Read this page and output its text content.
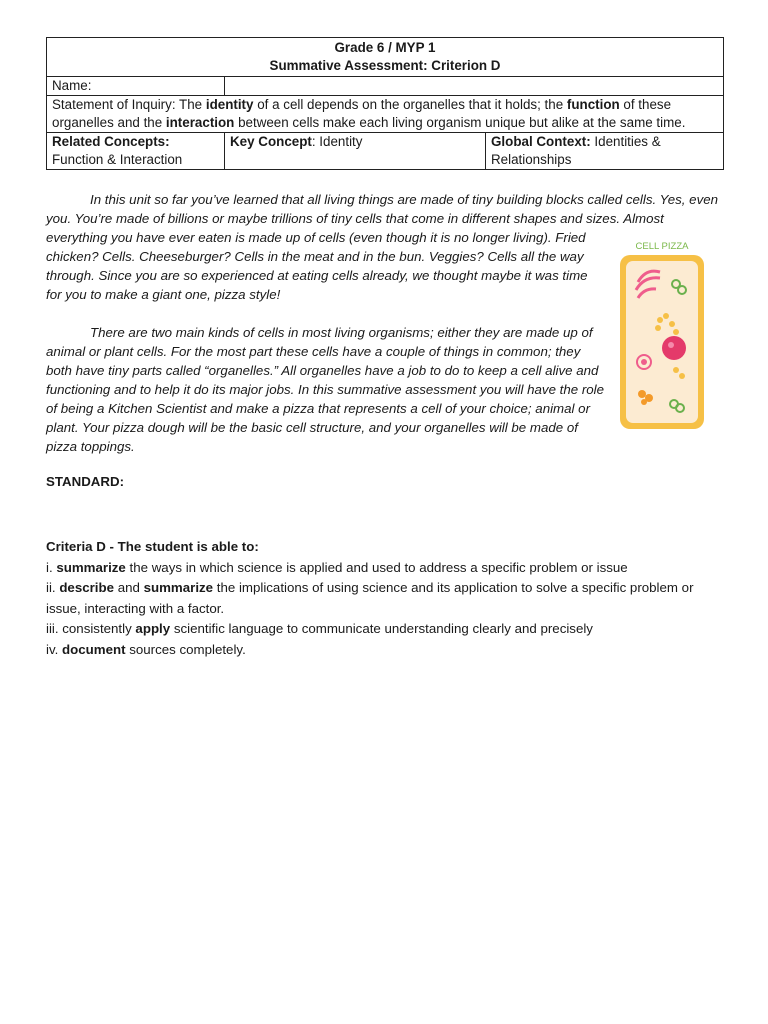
Grade 6 / MYP 1
Summative Assessment: Criterion D		

Name:		
Statement of Inquiry: The identity of a cell depends on the organelles that it holds; the function of these organelles and the interaction between cells make each living organism unique but alike at the same time.		

Related Concepts:
Function & Interaction	Key Concept: Identity	Global Context: Identities & Relationships

In this unit so far you’ve learned that all living things are made of tiny building blocks called cells. Yes, even you. You’re made of billions or maybe trillions of tiny cells that come in different shapes and sizes. Almost

everything you have ever eaten is made up of cells (even though it is no longer living). Fried chicken? Cells. Cheeseburger? Cells in the meat and in the bun. Veggies? Cells all the way through. Since you are so experienced at eating cells already, we thought maybe it was time for you to make a giant one, pizza style!

There are two main kinds of cells in most living organisms; either they are made up of animal or plant cells. For the most part these cells have a couple of things in common; they both have tiny parts called “organelles.” All organelles have a job to do to keep a cell alive and functioning and to help it do its major jobs. In this summative assessment you will have the role of being a Kitchen Scientist and make a pizza that represents a cell of your choice; animal or plant. Your pizza dough will be the basic cell structure, and your organelles will be made of pizza toppings.

CELL PIZZA
STANDARD:
Criteria D - The student is able to:
i. summarize the ways in which science is applied and used to address a specific problem or issue
ii. describe and summarize the implications of using science and its application to solve a specific problem or issue, interacting with a factor.
iii. consistently apply scientific language to communicate understanding clearly and precisely
iv. document sources completely.
